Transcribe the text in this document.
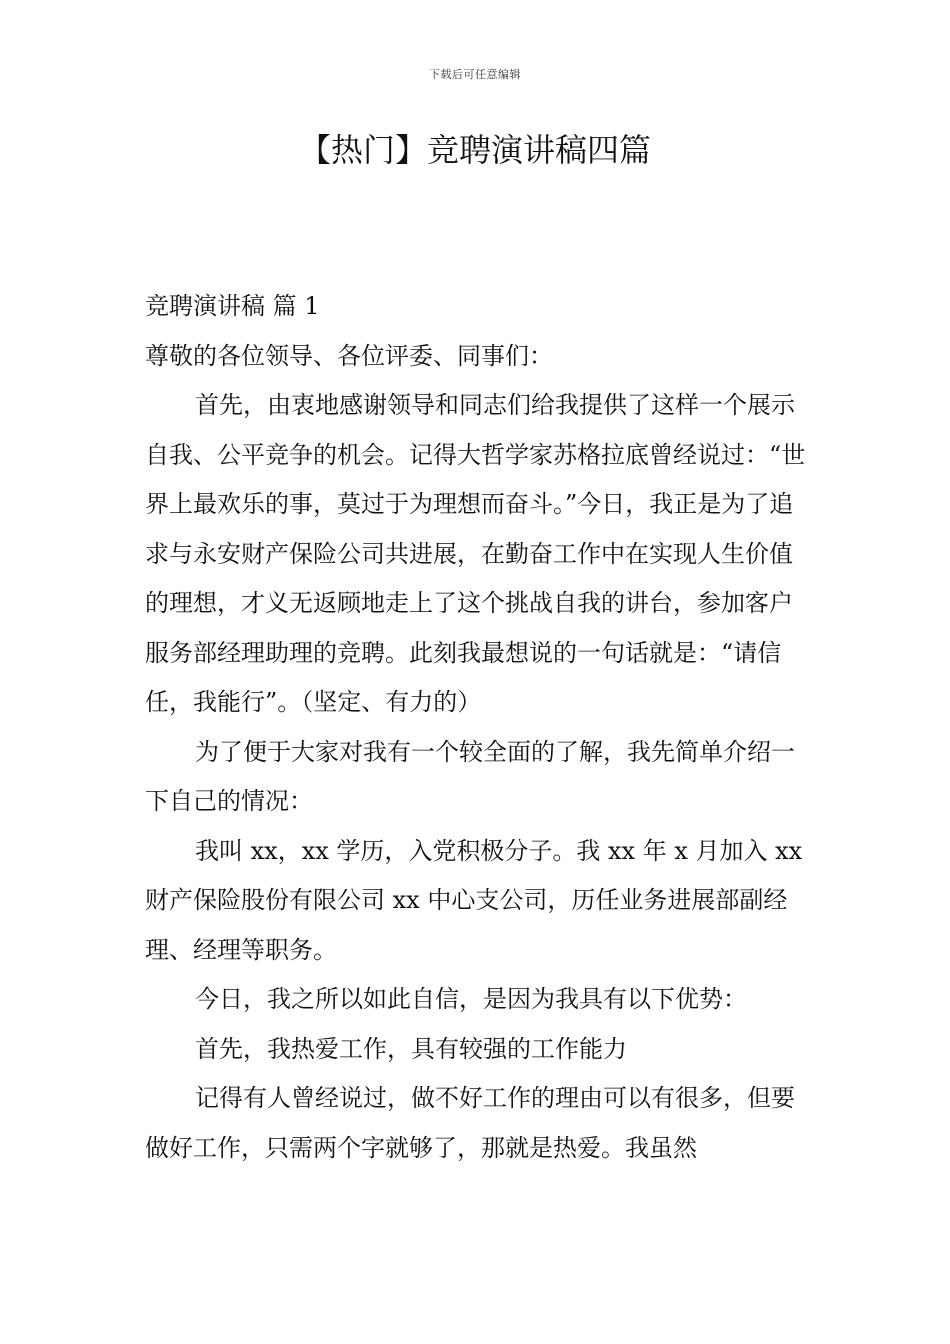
下载后可任意编辑
【热门】竞聘演讲稿四篇

竞聘演讲稿 篇 1

尊敬的各位领导、各位评委、同事们：

首先，由衷地感谢领导和同志们给我提供了这样一个展示自我、公平竞争的机会。记得大哲学家苏格拉底曾经说过：“世界上最欢乐的事，莫过于为理想而奋斗。”今日，我正是为了追求与永安财产保险公司共进展，在勤奋工作中在实现人生价值的理想，才义无返顾地走上了这个挑战自我的讲台，参加客户服务部经理助理的竞聘。此刻我最想说的一句话就是：“请信任，我能行”。（坚定、有力的）

为了便于大家对我有一个较全面的了解，我先简单介绍一下自己的情况：

我叫 xx，xx 学历，入党积极分子。我 xx 年 x 月加入 xx 财产保险股份有限公司 xx 中心支公司，历任业务进展部副经理、经理等职务。

今日，我之所以如此自信，是因为我具有以下优势：

首先，我热爱工作，具有较强的工作能力

记得有人曾经说过，做不好工作的理由可以有很多，但要做好工作，只需两个字就够了，那就是热爱。我虽然
